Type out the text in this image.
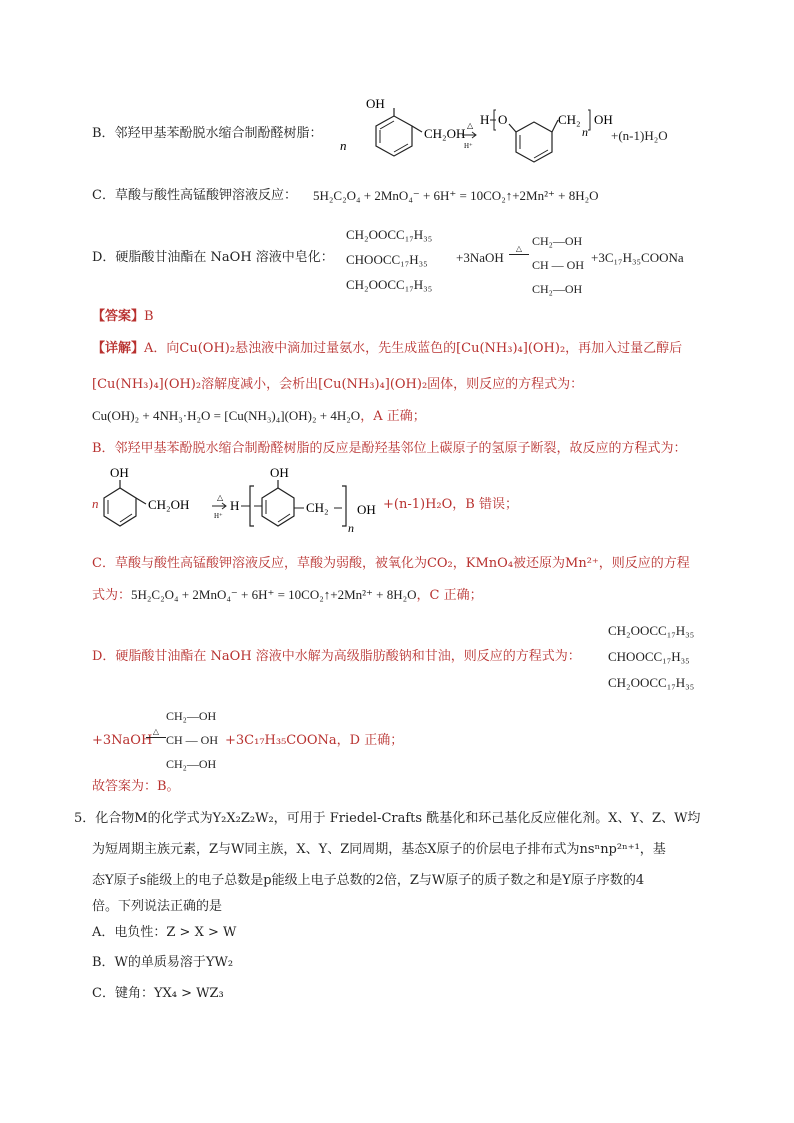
B．邻羟甲基苯酚脱水缩合制酚醛树脂：
n
OH
CH₂OH
△
H⁺
H O	CH₂
n
OH
+(n-1)H₂O
C．草酸与酸性高锰酸钾溶液反应： 5H₂C₂O₄ + 2MnO₄⁻ + 6H⁺ = 10CO₂↑+2Mn²⁺ + 8H₂O
D．硬脂酸甘油酯在 NaOH 溶液中皂化：
CH₂OOCC₁₇H₃₅
CHOOCC₁₇H₃₅
CH₂OOCC₁₇H₃₅
+3NaOH
△
CH₂—OH
CH — OH
CH₂—OH
+3C₁₇H₃₅COONa
【答案】B
【详解】A．向Cu(OH)₂悬浊液中滴加过量氨水，先生成蓝色的[Cu(NH₃)₄](OH)₂，再加入过量乙醇后
[Cu(NH₃)₄](OH)₂溶解度减小，会析出[Cu(NH₃)₄](OH)₂固体，则反应的方程式为：
Cu(OH)₂ + 4NH₃·H₂O = [Cu(NH₃)₄](OH)₂ + 4H₂O，A 正确；
B．邻羟甲基苯酚脱水缩合制酚醛树脂的反应是酚羟基邻位上碳原子的氢原子断裂，故反应的方程式为：
n
OH
CH₂OH	△
H⁺
H
OH
CH₂
n
OH +(n-1)H₂O，B 错误；
C．草酸与酸性高锰酸钾溶液反应，草酸为弱酸，被氧化为CO₂，KMnO₄被还原为Mn²⁺，则反应的方程
式为：5H₂C₂O₄ + 2MnO₄⁻ + 6H⁺ = 10CO₂↑+2Mn²⁺ + 8H₂O，C 正确；
D．硬脂酸甘油酯在 NaOH 溶液中水解为高级脂肪酸钠和甘油，则反应的方程式为：
CH₂OOCC₁₇H₃₅
CHOOCC₁₇H₃₅
CH₂OOCC₁₇H₃₅
+3NaOH
△
CH₂—OH
CH — OH
CH₂—OH
+3C₁₇H₃₅COONa，D 正确；
故答案为：B。
5．化合物M的化学式为Y₂X₂Z₂W₂，可用于 Friedel-Crafts 酰基化和环己基化反应催化剂。X、Y、Z、W均
为短周期主族元素，Z与W同主族，X、Y、Z同周期，基态X原子的价层电子排布式为nsⁿnp²ⁿ⁺¹，基
态Y原子s能级上的电子总数是p能级上电子总数的2倍，Z与W原子的质子数之和是Y原子序数的4
倍。下列说法正确的是
A．电负性：Z > X > W
B．W的单质易溶于YW₂
C．键角：YX₄ > WZ₃
